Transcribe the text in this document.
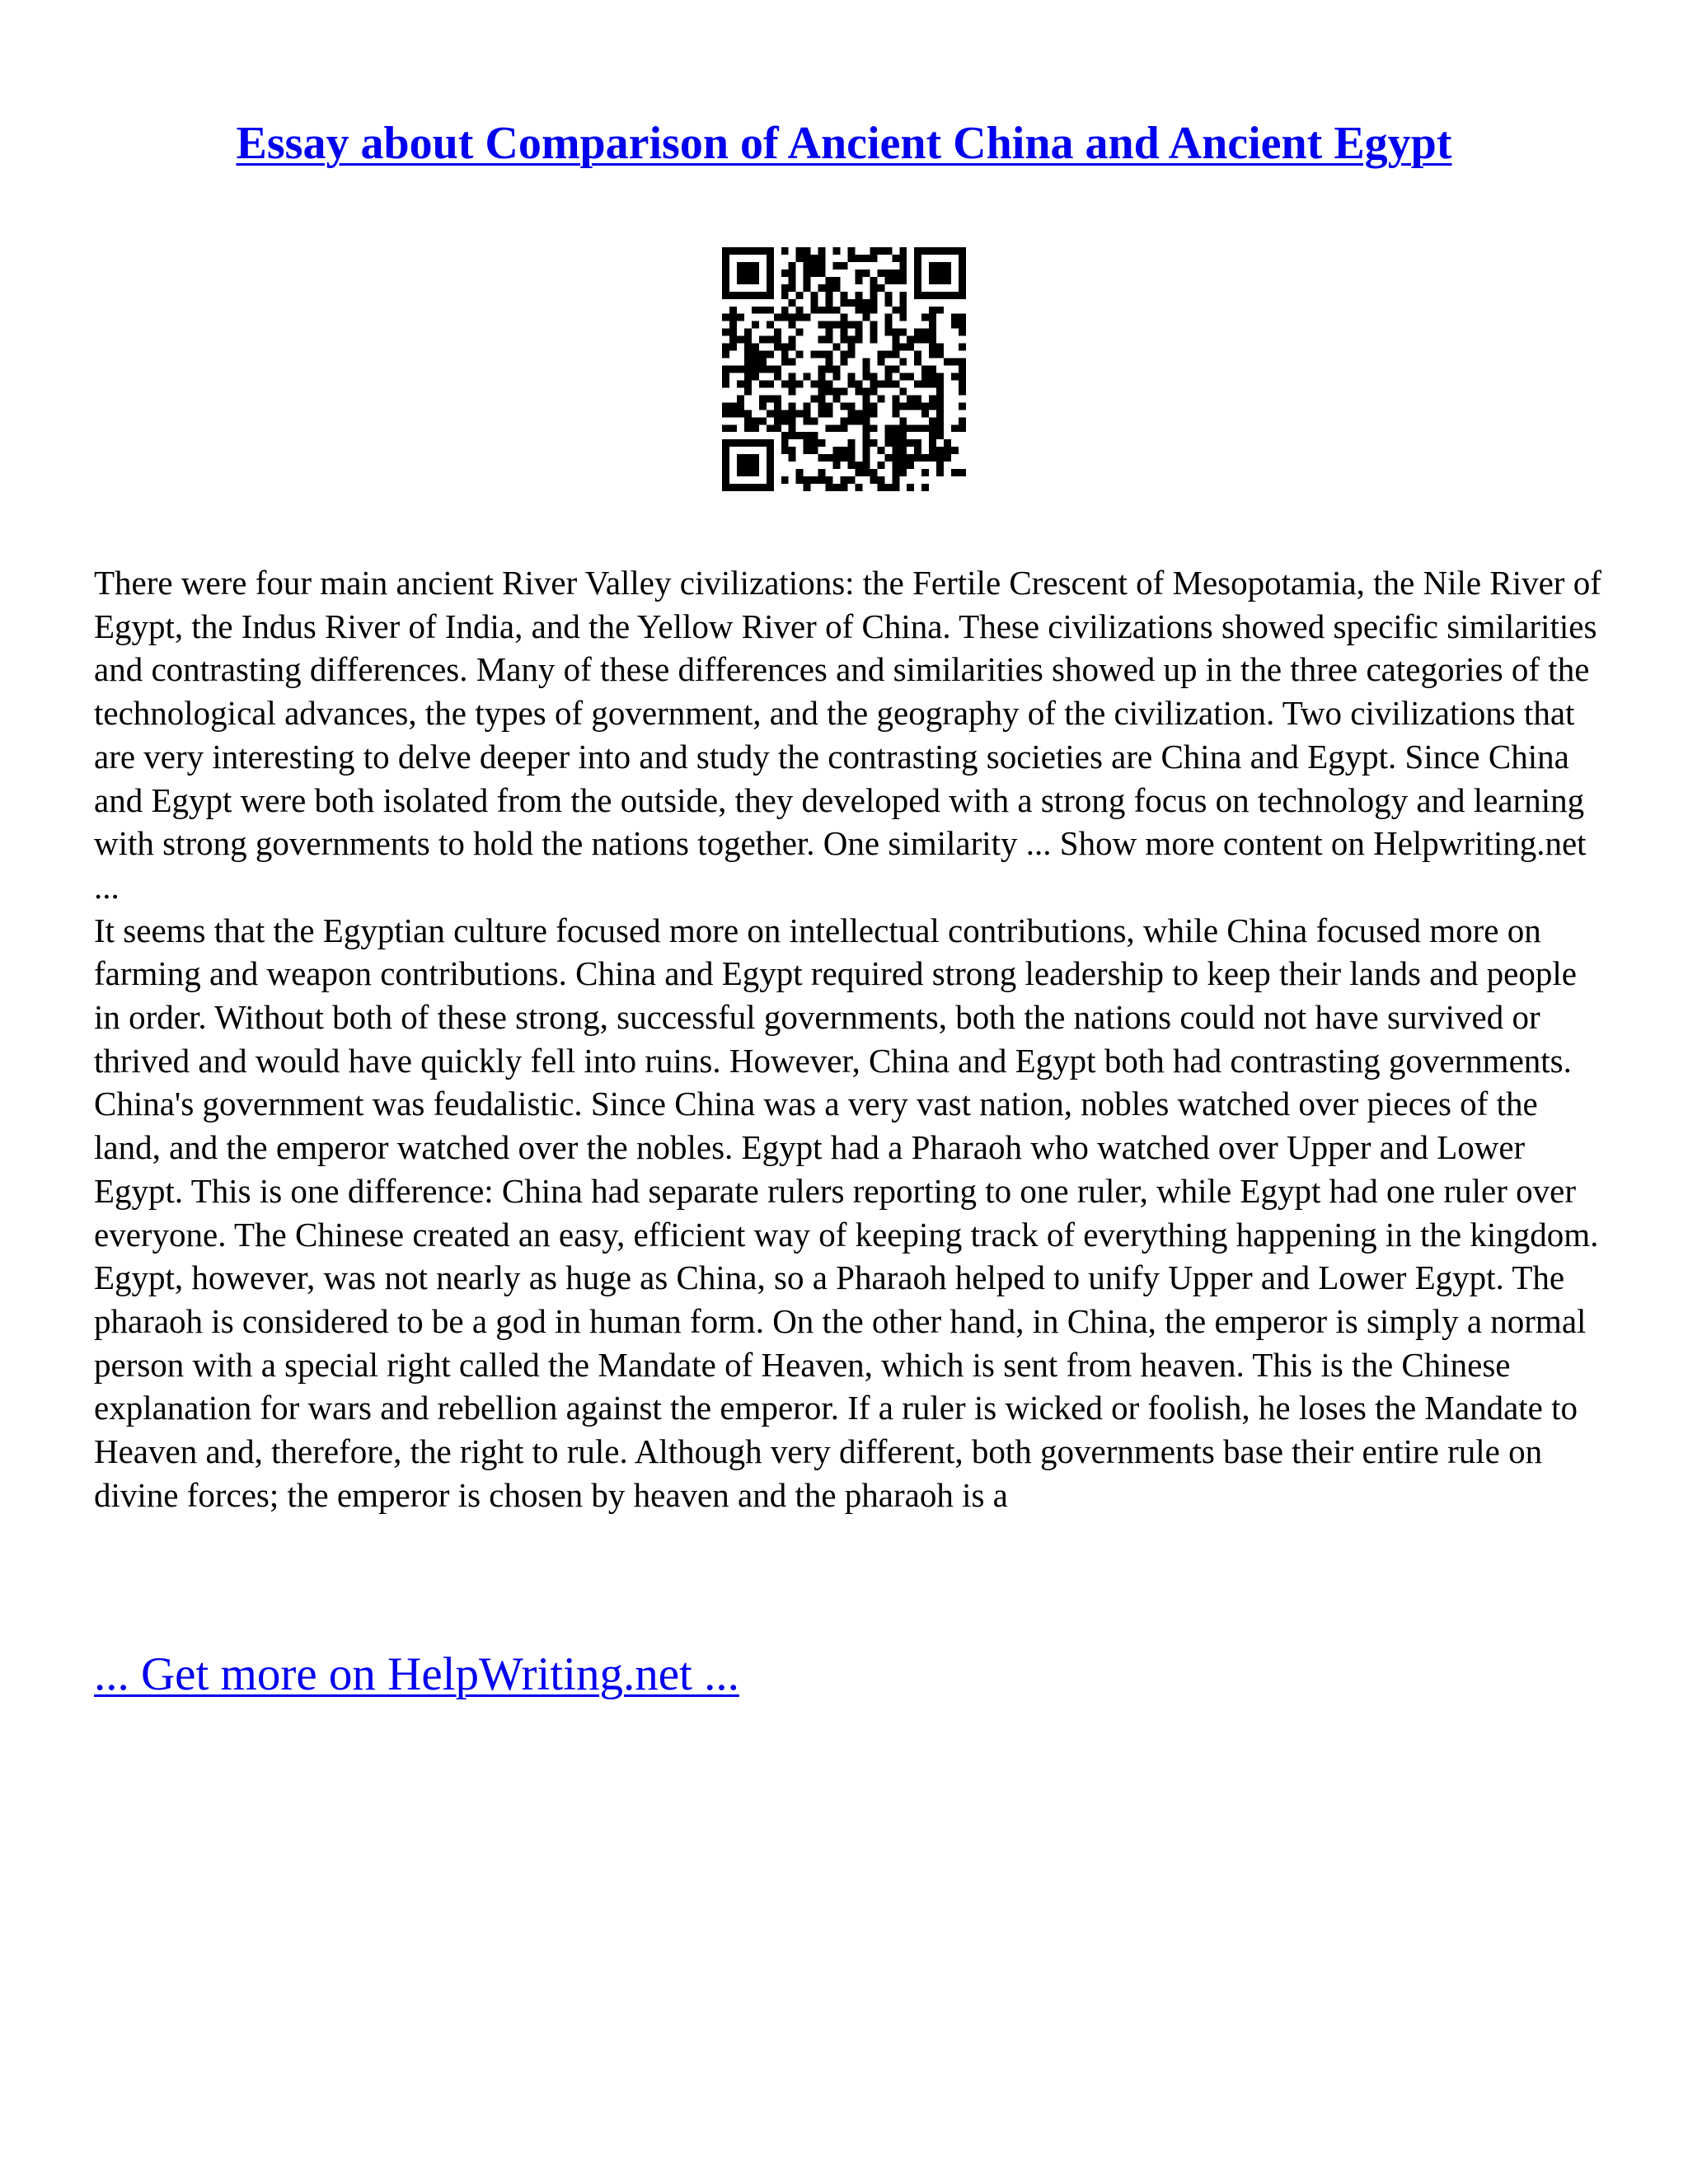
Essay about Comparison of Ancient China and Ancient Egypt

There were four main ancient River Valley civilizations: the Fertile Crescent of Mesopotamia, the Nile River of Egypt, the Indus River of India, and the Yellow River of China. These civilizations showed specific similarities and contrasting differences. Many of these differences and similarities showed up in the three categories of the technological advances, the types of government, and the geography of the civilization. Two civilizations that are very interesting to delve deeper into and study the contrasting societies are China and Egypt. Since China and Egypt were both isolated from the outside, they developed with a strong focus on technology and learning with strong governments to hold the nations together. One similarity ... Show more content on Helpwriting.net ...

It seems that the Egyptian culture focused more on intellectual contributions, while China focused more on farming and weapon contributions. China and Egypt required strong leadership to keep their lands and people in order. Without both of these strong, successful governments, both the nations could not have survived or thrived and would have quickly fell into ruins. However, China and Egypt both had contrasting governments. China's government was feudalistic. Since China was a very vast nation, nobles watched over pieces of the land, and the emperor watched over the nobles. Egypt had a Pharaoh who watched over Upper and Lower Egypt. This is one difference: China had separate rulers reporting to one ruler, while Egypt had one ruler over everyone. The Chinese created an easy, efficient way of keeping track of everything happening in the kingdom. Egypt, however, was not nearly as huge as China, so a Pharaoh helped to unify Upper and Lower Egypt. The pharaoh is considered to be a god in human form. On the other hand, in China, the emperor is simply a normal person with a special right called the Mandate of Heaven, which is sent from heaven. This is the Chinese explanation for wars and rebellion against the emperor. If a ruler is wicked or foolish, he loses the Mandate to Heaven and, therefore, the right to rule. Although very different, both governments base their entire rule on divine forces; the emperor is chosen by heaven and the pharaoh is a

... Get more on HelpWriting.net ...
